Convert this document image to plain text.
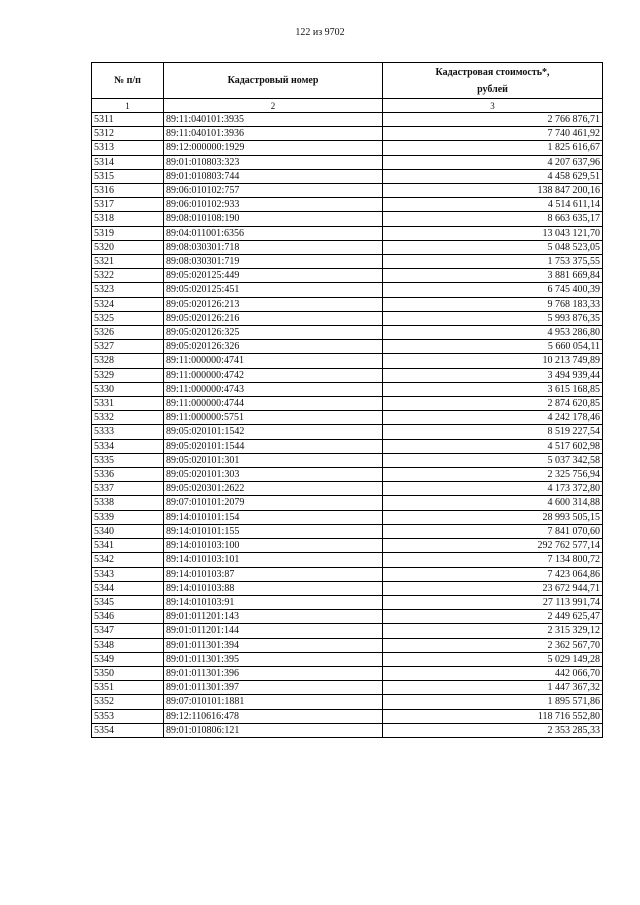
122 из 9702
№ п/п	Кадастровый номер	Кадастровая стоимость*,
рублей
1	2	3
5311	89:11:040101:3935	2 766 876,71
5312	89:11:040101:3936	7 740 461,92
5313	89:12:000000:1929	1 825 616,67
5314	89:01:010803:323	4 207 637,96
5315	89:01:010803:744	4 458 629,51
5316	89:06:010102:757	138 847 200,16
5317	89:06:010102:933	4 514 611,14
5318	89:08:010108:190	8 663 635,17
5319	89:04:011001:6356	13 043 121,70
5320	89:08:030301:718	5 048 523,05
5321	89:08:030301:719	1 753 375,55
5322	89:05:020125:449	3 881 669,84
5323	89:05:020125:451	6 745 400,39
5324	89:05:020126:213	9 768 183,33
5325	89:05:020126:216	5 993 876,35
5326	89:05:020126:325	4 953 286,80
5327	89:05:020126:326	5 660 054,11
5328	89:11:000000:4741	10 213 749,89
5329	89:11:000000:4742	3 494 939,44
5330	89:11:000000:4743	3 615 168,85
5331	89:11:000000:4744	2 874 620,85
5332	89:11:000000:5751	4 242 178,46
5333	89:05:020101:1542	8 519 227,54
5334	89:05:020101:1544	4 517 602,98
5335	89:05:020101:301	5 037 342,58
5336	89:05:020101:303	2 325 756,94
5337	89:05:020301:2622	4 173 372,80
5338	89:07:010101:2079	4 600 314,88
5339	89:14:010101:154	28 993 505,15
5340	89:14:010101:155	7 841 070,60
5341	89:14:010103:100	292 762 577,14
5342	89:14:010103:101	7 134 800,72
5343	89:14:010103:87	7 423 064,86
5344	89:14:010103:88	23 672 944,71
5345	89:14:010103:91	27 113 991,74
5346	89:01:011201:143	2 449 625,47
5347	89:01:011201:144	2 315 329,12
5348	89:01:011301:394	2 362 567,70
5349	89:01:011301:395	5 029 149,28
5350	89:01:011301:396	442 066,70
5351	89:01:011301:397	1 447 367,32
5352	89:07:010101:1881	1 895 571,86
5353	89:12:110616:478	118 716 552,80
5354	89:01:010806:121	2 353 285,33
